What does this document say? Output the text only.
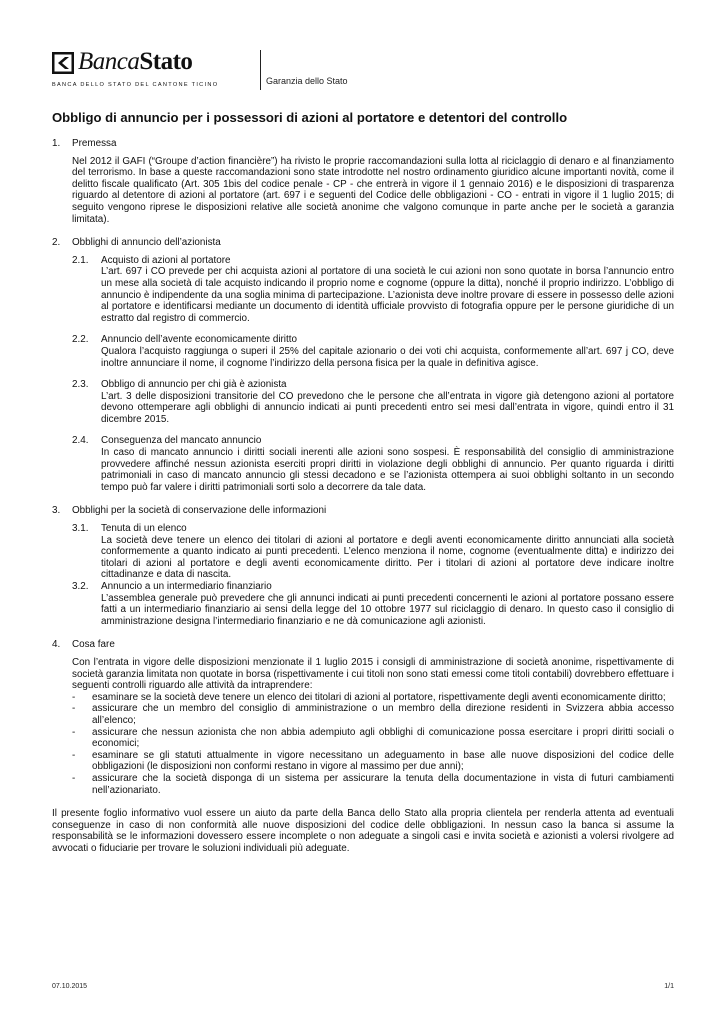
BancaStato
BANCA DELLO STATO DEL CANTONE TICINO	Garanzia dello Stato
Obbligo di annuncio per i possessori di azioni al portatore e detentori del controllo
1.	Premessa
Nel 2012 il GAFI (“Groupe d’action financière”) ha rivisto le proprie raccomandazioni sulla lotta al riciclaggio di denaro e al finanziamento del terrorismo. In base a queste raccomandazioni sono state introdotte nel nostro ordinamento giuridico alcune importanti novità, come il delitto fiscale qualificato (Art. 305 1bis del codice penale - CP - che entrerà in vigore il 1 gennaio 2016) e le disposizioni di trasparenza riguardo al detentore di azioni al portatore (art. 697 i e seguenti del Codice delle obbligazioni - CO - entrati in vigore il 1 luglio 2015; di seguito vengono riprese le disposizioni relative alle società anonime che valgono comunque in parte anche per le società a garanzia limitata).
2.	Obblighi di annuncio dell’azionista
2.1.	Acquisto di azioni al portatore
L’art. 697 i CO prevede per chi acquista azioni al portatore di una società le cui azioni non sono quotate in borsa l’annuncio entro un mese alla società di tale acquisto indicando il proprio nome e cognome (oppure la ditta), nonché il proprio indirizzo. L’obbligo di annuncio è indipendente da una soglia minima di partecipazione. L’azionista deve inoltre provare di essere in possesso delle azioni al portatore e identificarsi mediante un documento di identità ufficiale provvisto di fotografia oppure per le persone giuridiche di un estratto dal registro di commercio.
2.2.	Annuncio dell’avente economicamente diritto
Qualora l’acquisto raggiunga o superi il 25% del capitale azionario o dei voti chi acquista, conformemente all’art. 697 j CO, deve inoltre annunciare il nome, il cognome l’indirizzo della persona fisica per la quale in definitiva agisce.
2.3.	Obbligo di annuncio per chi già è azionista
L’art. 3 delle disposizioni transitorie del CO prevedono che le persone che all’entrata in vigore già detengono azioni al portatore devono ottemperare agli obblighi di annuncio indicati ai punti precedenti entro sei mesi dall’entrata in vigore, quindi entro il 31 dicembre 2015.
2.4.	Conseguenza del mancato annuncio
In caso di mancato annuncio i diritti sociali inerenti alle azioni sono sospesi. È responsabilità del consiglio di amministrazione provvedere affinché nessun azionista eserciti propri diritti in violazione degli obblighi di annuncio. Per quanto riguarda i diritti patrimoniali in caso di mancato annuncio gli stessi decadono e se l’azionista ottempera ai suoi obblighi soltanto in un secondo tempo può far valere i diritti patrimoniali sorti solo a decorrere da tale data.
3.	Obblighi per la società di conservazione delle informazioni
3.1.	Tenuta di un elenco
La società deve tenere un elenco dei titolari di azioni al portatore e degli aventi economicamente diritto annunciati alla società conformemente a quanto indicato ai punti precedenti. L’elenco menziona il nome, cognome (eventualmente ditta) e indirizzo dei titolari di azioni al portatore e degli aventi economicamente diritto. Per i titolari di azioni al portatore deve indicare inoltre cittadinanze e data di nascita.
3.2.	Annuncio a un intermediario finanziario
L’assemblea generale può prevedere che gli annunci indicati ai punti precedenti concernenti le azioni al portatore possano essere fatti a un intermediario finanziario ai sensi della legge del 10 ottobre 1977 sul riciclaggio di denaro. In questo caso il consiglio di amministrazione designa l’intermediario finanziario e ne dà comunicazione agli azionisti.
4.	Cosa fare
Con l’entrata in vigore delle disposizioni menzionate il 1 luglio 2015 i consigli di amministrazione di società anonime, rispettivamente di società garanzia limitata non quotate in borsa (rispettivamente i cui titoli non sono stati emessi come titoli contabili) dovrebbero effettuare i seguenti controlli riguardo alle attività da intraprendere:
-	esaminare se la società deve tenere un elenco dei titolari di azioni al portatore, rispettivamente degli aventi economicamente diritto;
-	assicurare che un membro del consiglio di amministrazione o un membro della direzione residenti in Svizzera abbia accesso all’elenco;
-	assicurare che nessun azionista che non abbia adempiuto agli obblighi di comunicazione possa esercitare i propri diritti sociali o economici;
-	esaminare se gli statuti attualmente in vigore necessitano un adeguamento in base alle nuove disposizioni del codice delle obbligazioni (le disposizioni non conformi restano in vigore al massimo per due anni);
-	assicurare che la società disponga di un sistema per assicurare la tenuta della documentazione in vista di futuri cambiamenti nell’azionariato.
Il presente foglio informativo vuol essere un aiuto da parte della Banca dello Stato alla propria clientela per renderla attenta ad eventuali conseguenze in caso di non conformità alle nuove disposizioni del codice delle obbligazioni. In nessun caso la banca si assume la responsabilità se le informazioni dovessero essere incomplete o non adeguate a singoli casi e invita società e azionisti a volersi rivolgere ad avvocati o fiduciarie per trovare le soluzioni individuali più adeguate.
07.10.2015	1/1
